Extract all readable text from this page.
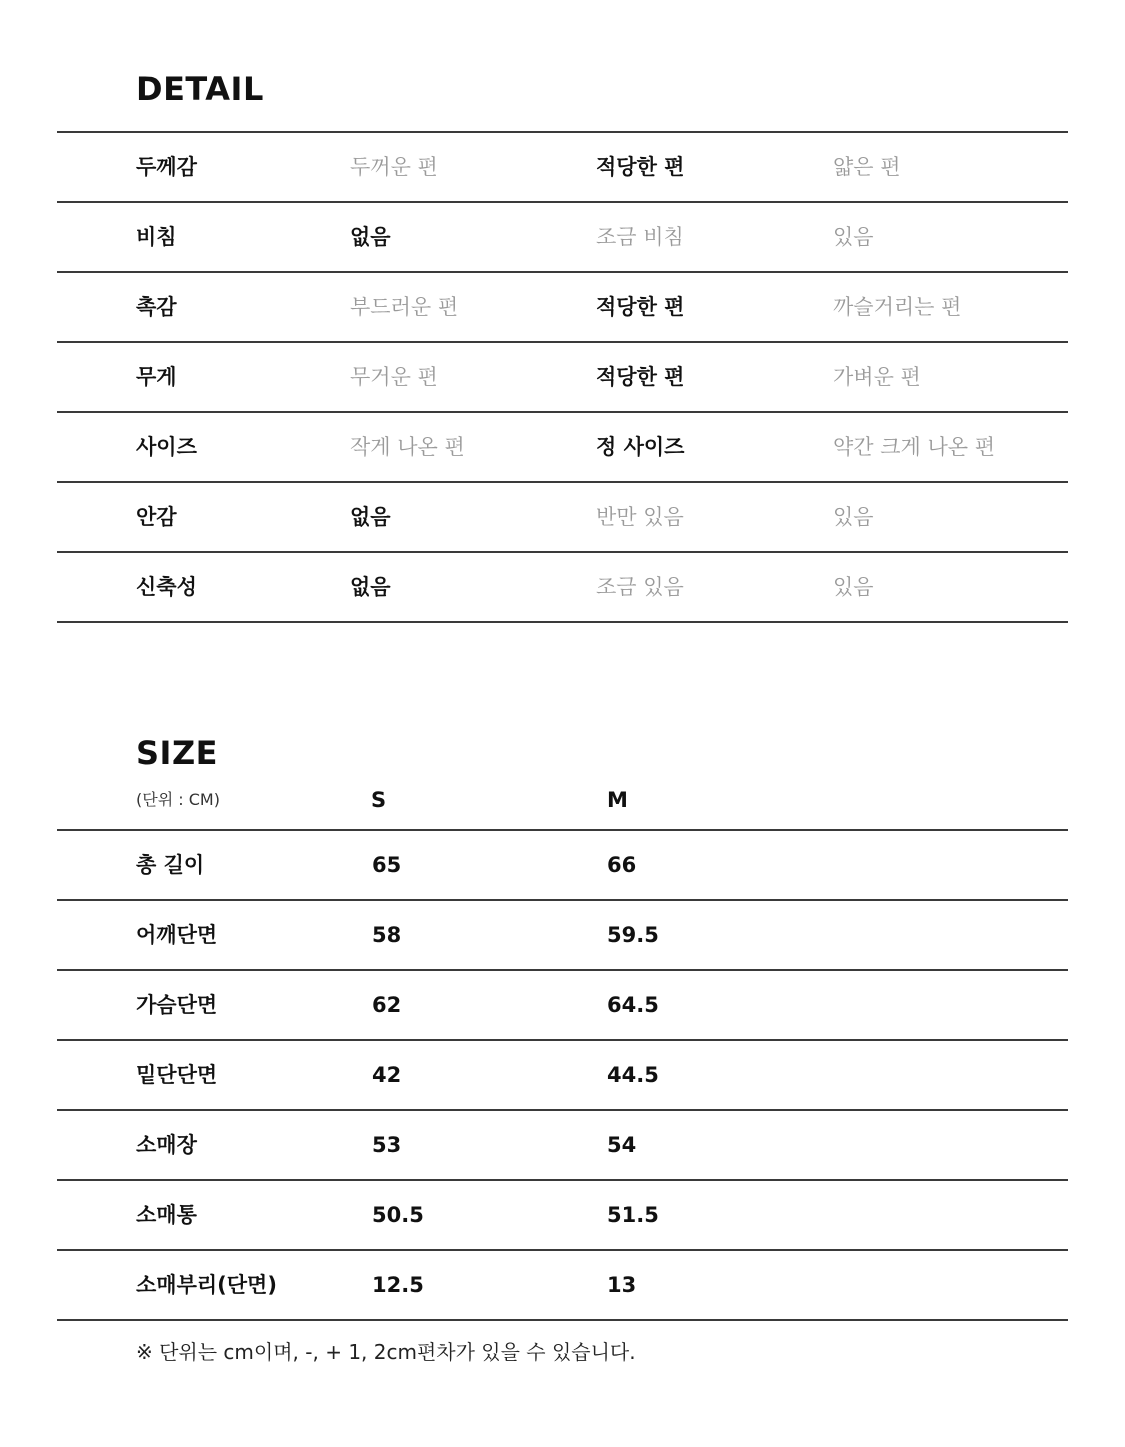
DETAIL
두께감	두꺼운 편	적당한 편	얇은 편
비침	없음	조금 비침	있음
촉감	부드러운 편	적당한 편	까슬거리는 편
무게	무거운 편	적당한 편	가벼운 편
사이즈	작게 나온 편	정 사이즈	약간 크게 나온 편
안감	없음	반만 있음	있음
신축성	없음	조금 있음	있음
SIZE
(단위 : CM)	S	M
총 길이	65	66
어깨단면	58	59.5
가슴단면	62	64.5
밑단단면	42	44.5
소매장	53	54
소매통	50.5	51.5
소매부리(단면)	12.5	13
※ 단위는 cm이며, -, + 1, 2cm편차가 있을 수 있습니다.
